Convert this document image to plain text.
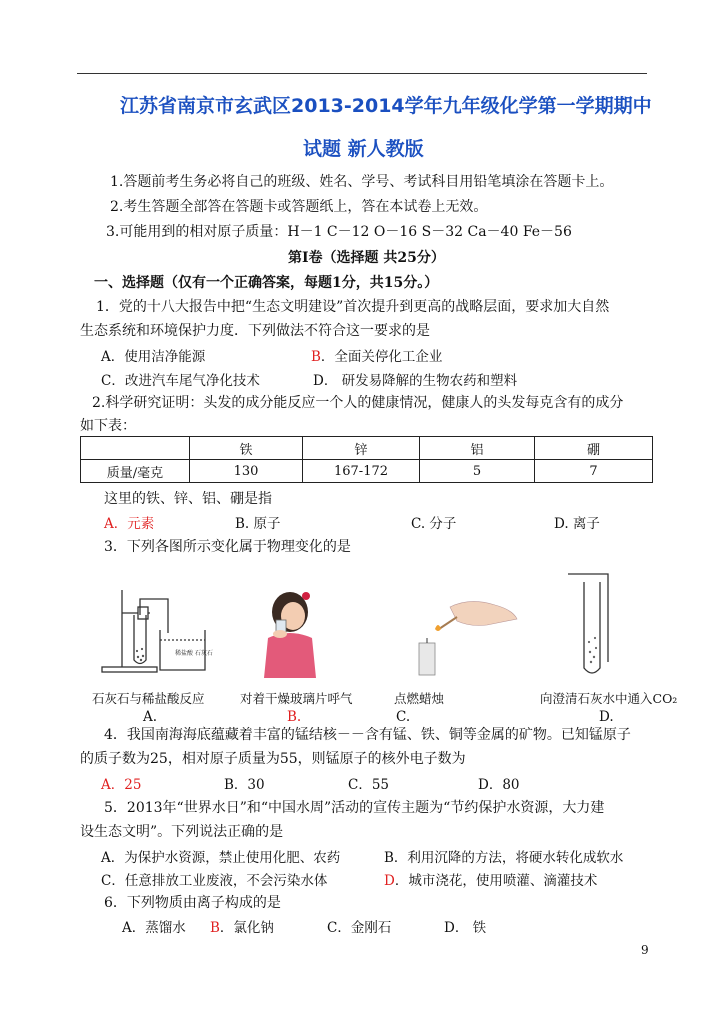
江苏省南京市玄武区2013-2014学年九年级化学第一学期期中
试题 新人教版
1.答题前考生务必将自己的班级、姓名、学号、考试科目用铅笔填涂在答题卡上。
2.考生答题全部答在答题卡或答题纸上，答在本试卷上无效。
3.可能用到的相对原子质量：H－1 C－12 O－16 S－32 Ca－40 Fe－56
第Ⅰ卷（选择题 共25分）
一、选择题（仅有一个正确答案，每题1分，共15分。）
1．党的十八大报告中把“生态文明建设”首次提升到更高的战略层面，要求加大自然
生态系统和环境保护力度．下列做法不符合这一要求的是
A．使用洁净能源	B．全面关停化工企业
C．改进汽车尾气净化技术	D． 研发易降解的生物农药和塑料
2.科学研究证明：头发的成分能反应一个人的健康情况，健康人的头发每克含有的成分
如下表：
	铁	锌	铝	硼
质量/毫克	130	167-172	5	7
这里的铁、锌、铝、硼是指
A．元素	B. 原子	C. 分子	D. 离子
3．下列各图所示变化属于物理变化的是
稀盐酸 石灰石
石灰石与稀盐酸反应	对着干燥玻璃片呼气	点燃蜡烛	向澄清石灰水中通入CO₂
A.	B.	C.	D.
4．我国南海海底蕴藏着丰富的锰结核－－含有锰、铁、铜等金属的矿物。已知锰原子
的质子数为25，相对原子质量为55，则锰原子的核外电子数为
A．25	B．30	C．55	D．80
5．2013年“世界水日”和“中国水周”活动的宣传主题为“节约保护水资源，大力建
设生态文明”。下列说法正确的是
A．为保护水资源，禁止使用化肥、农药	B．利用沉降的方法，将硬水转化成软水
C．任意排放工业废液，不会污染水体	D．城市浇花，使用喷灌、滴灌技术
6．下列物质由离子构成的是
A．蒸馏水 B．氯化钠	C．金刚石	D． 铁
9
